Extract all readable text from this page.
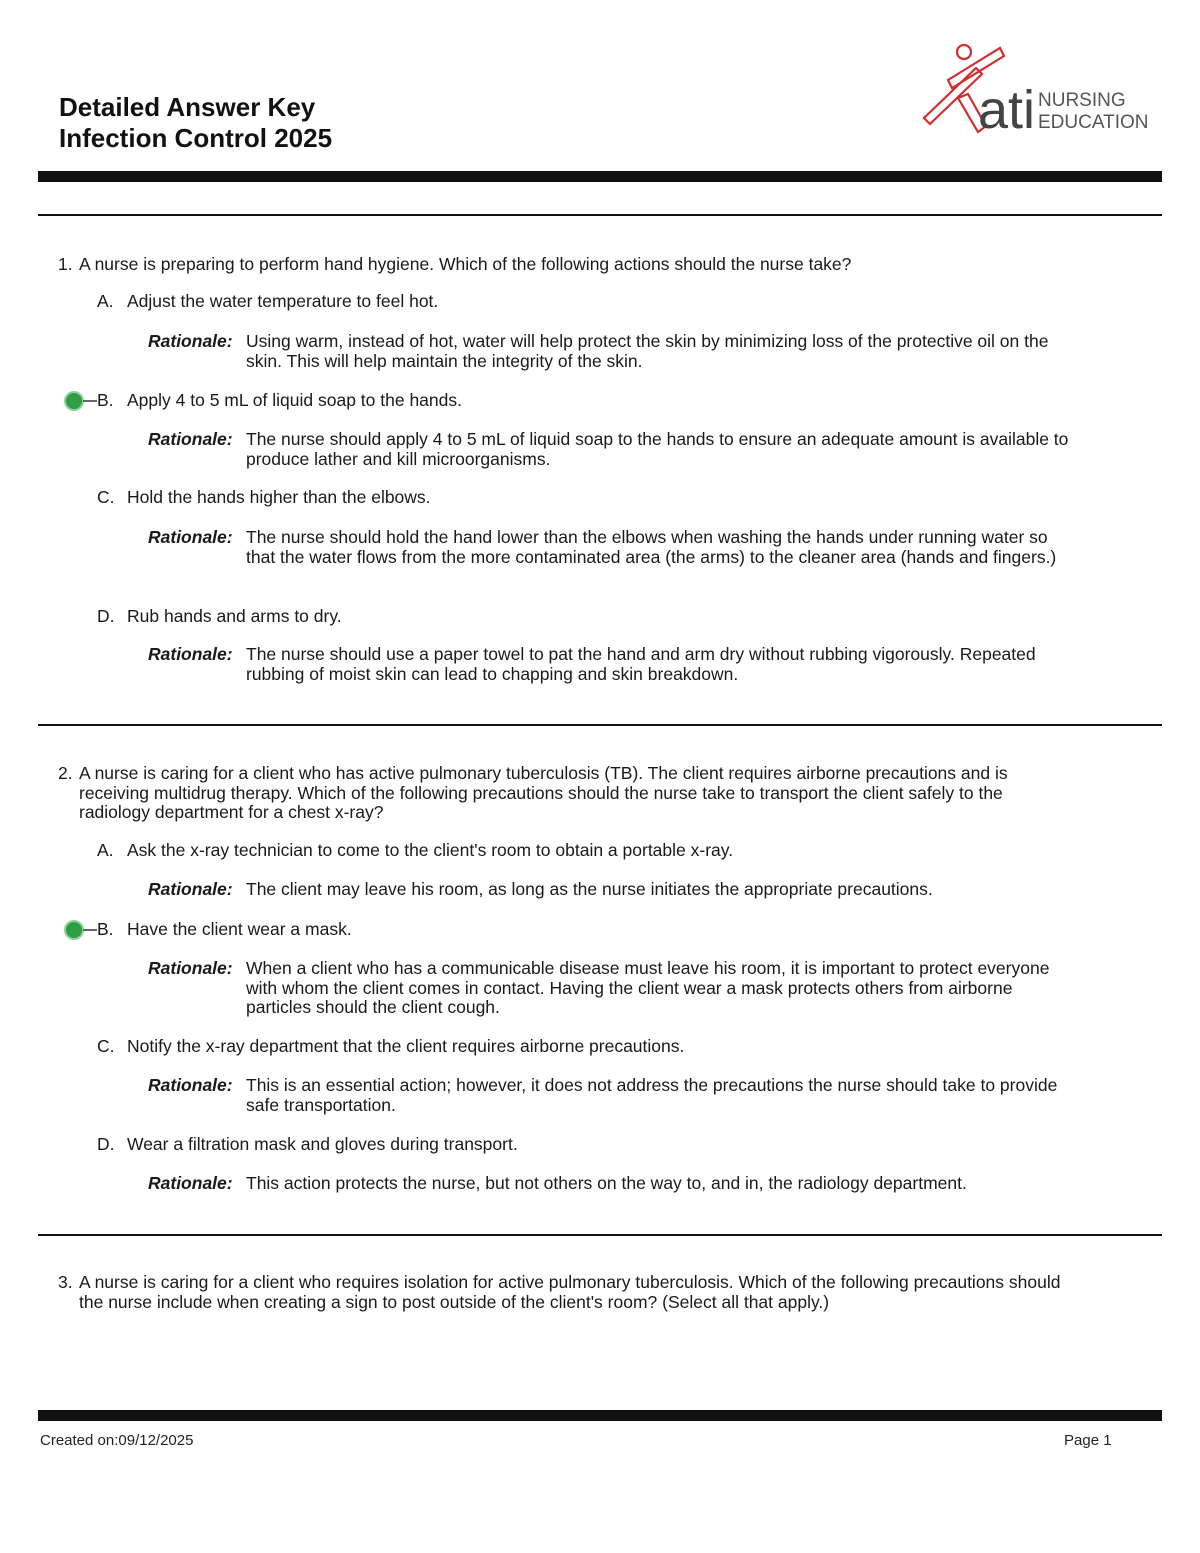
Detailed Answer Key
Infection Control 2025	ati NURSING
EDUCATION
1. A nurse is preparing to perform hand hygiene. Which of the following actions should the nurse take?
A. Adjust the water temperature to feel hot.
Rationale: Using warm, instead of hot, water will help protect the skin by minimizing loss of the protective oil on the skin. This will help maintain the integrity of the skin.
B. Apply 4 to 5 mL of liquid soap to the hands.
Rationale: The nurse should apply 4 to 5 mL of liquid soap to the hands to ensure an adequate amount is available to produce lather and kill microorganisms.
C. Hold the hands higher than the elbows.
Rationale: The nurse should hold the hand lower than the elbows when washing the hands under running water so that the water flows from the more contaminated area (the arms) to the cleaner area (hands and fingers.)
D. Rub hands and arms to dry.
Rationale: The nurse should use a paper towel to pat the hand and arm dry without rubbing vigorously. Repeated rubbing of moist skin can lead to chapping and skin breakdown.
2. A nurse is caring for a client who has active pulmonary tuberculosis (TB). The client requires airborne precautions and is receiving multidrug therapy. Which of the following precautions should the nurse take to transport the client safely to the radiology department for a chest x-ray?
A. Ask the x-ray technician to come to the client's room to obtain a portable x-ray.
Rationale: The client may leave his room, as long as the nurse initiates the appropriate precautions.
B. Have the client wear a mask.
Rationale: When a client who has a communicable disease must leave his room, it is important to protect everyone with whom the client comes in contact. Having the client wear a mask protects others from airborne particles should the client cough.
C. Notify the x-ray department that the client requires airborne precautions.
Rationale: This is an essential action; however, it does not address the precautions the nurse should take to provide safe transportation.
D. Wear a filtration mask and gloves during transport.
Rationale: This action protects the nurse, but not others on the way to, and in, the radiology department.
3. A nurse is caring for a client who requires isolation for active pulmonary tuberculosis. Which of the following precautions should the nurse include when creating a sign to post outside of the client's room? (Select all that apply.)
Created on:09/12/2025	Page 1
